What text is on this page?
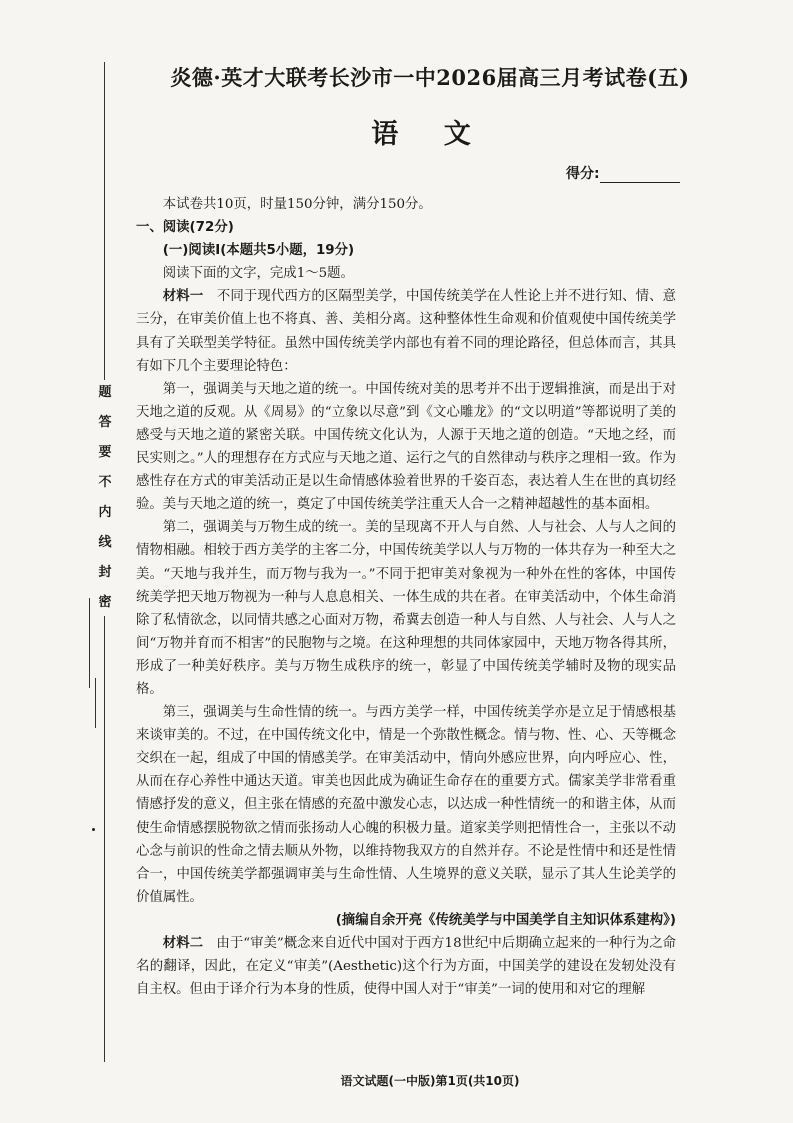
题
答
要
不
内
线
封
密
炎德·英才大联考长沙市一中2026届高三月考试卷(五)
语 文
得分:

本试卷共10页，时量150分钟，满分150分。

一、阅读(72分)

(一)阅读Ⅰ(本题共5小题，19分)

阅读下面的文字，完成1～5题。

材料一　 不同于现代西方的区隔型美学，中国传统美学在人性论上并不进行知、情、意三分，在审美价值上也不将真、善、美相分离。这种整体性生命观和价值观使中国传统美学具有了关联型美学特征。虽然中国传统美学内部也有着不同的理论路径，但总体而言，其具有如下几个主要理论特色：

第一，强调美与天地之道的统一。中国传统对美的思考并不出于逻辑推演，而是出于对天地之道的反观。从《周易》的“立象以尽意”到《文心雕龙》的“文以明道”等都说明了美的感受与天地之道的紧密关联。中国传统文化认为，人源于天地之道的创造。“天地之经，而民实则之。”人的理想存在方式应与天地之道、运行之气的自然律动与秩序之理相一致。作为感性存在方式的审美活动正是以生命情感体验着世界的千姿百态，表达着人生在世的真切经验。美与天地之道的统一，奠定了中国传统美学注重天人合一之精神超越性的基本面相。

第二，强调美与万物生成的统一。美的呈现离不开人与自然、人与社会、人与人之间的情物相融。相较于西方美学的主客二分，中国传统美学以人与万物的一体共存为一种至大之美。“天地与我并生，而万物与我为一。”不同于把审美对象视为一种外在性的客体，中国传统美学把天地万物视为一种与人息息相关、一体生成的共在者。在审美活动中，个体生命消除了私情欲念，以同情共感之心面对万物，希冀去创造一种人与自然、人与社会、人与人之间“万物并育而不相害”的民胞物与之境。在这种理想的共同体家园中，天地万物各得其所，形成了一种美好秩序。美与万物生成秩序的统一，彰显了中国传统美学辅时及物的现实品格。

第三，强调美与生命性情的统一。与西方美学一样，中国传统美学亦是立足于情感根基来谈审美的。不过，在中国传统文化中，情是一个弥散性概念。情与物、性、心、天等概念交织在一起，组成了中国的情感美学。在审美活动中，情向外感应世界，向内呼应心、性，从而在存心养性中通达天道。审美也因此成为确证生命存在的重要方式。儒家美学非常看重情感抒发的意义，但主张在情感的充盈中激发心志，以达成一种性情统一的和谐主体，从而使生命情感摆脱物欲之情而张扬动人心魄的积极力量。道家美学则把情性合一，主张以不动心念与前识的性命之情去顺从外物，以维持物我双方的自然并存。不论是性情中和还是性情合一，中国传统美学都强调审美与生命性情、人生境界的意义关联，显示了其人生论美学的价值属性。

(摘编自余开亮《传统美学与中国美学自主知识体系建构》)

材料二　 由于“审美”概念来自近代中国对于西方18世纪中后期确立起来的一种行为之命名的翻译，因此，在定义“审美”(Aesthetic)这个行为方面，中国美学的建设在发轫处没有自主权。但由于译介行为本身的性质，使得中国人对于“审美”一词的使用和对它的理解

语文试题(一中版)第1页(共10页)
